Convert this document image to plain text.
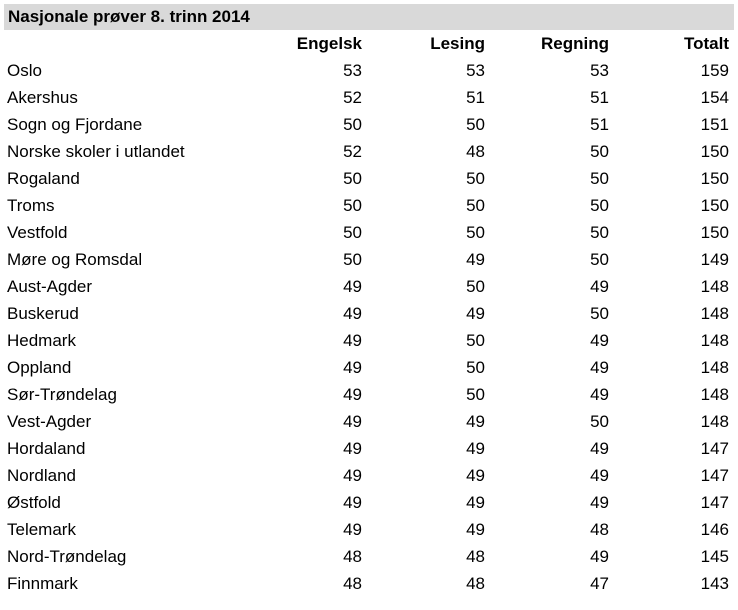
Nasjonale prøver 8. trinn 2014
	Engelsk	Lesing	Regning	Totalt
Oslo	53	53	53	159
Akershus	52	51	51	154
Sogn og Fjordane	50	50	51	151
Norske skoler i utlandet	52	48	50	150
Rogaland	50	50	50	150
Troms	50	50	50	150
Vestfold	50	50	50	150
Møre og Romsdal	50	49	50	149
Aust-Agder	49	50	49	148
Buskerud	49	49	50	148
Hedmark	49	50	49	148
Oppland	49	50	49	148
Sør-Trøndelag	49	50	49	148
Vest-Agder	49	49	50	148
Hordaland	49	49	49	147
Nordland	49	49	49	147
Østfold	49	49	49	147
Telemark	49	49	48	146
Nord-Trøndelag	48	48	49	145
Finnmark	48	48	47	143
